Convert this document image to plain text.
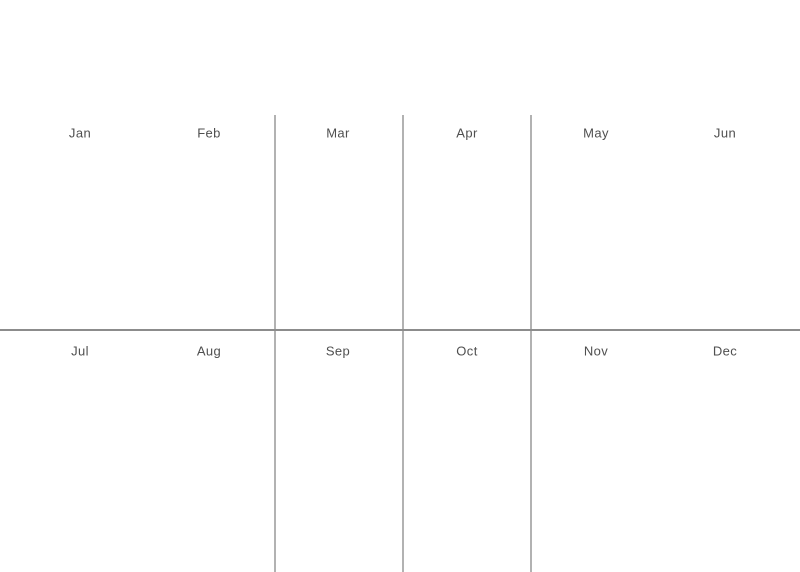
Jan	Feb	Mar	Apr	May	Jun
Jul	Aug	Sep	Oct	Nov	Dec
